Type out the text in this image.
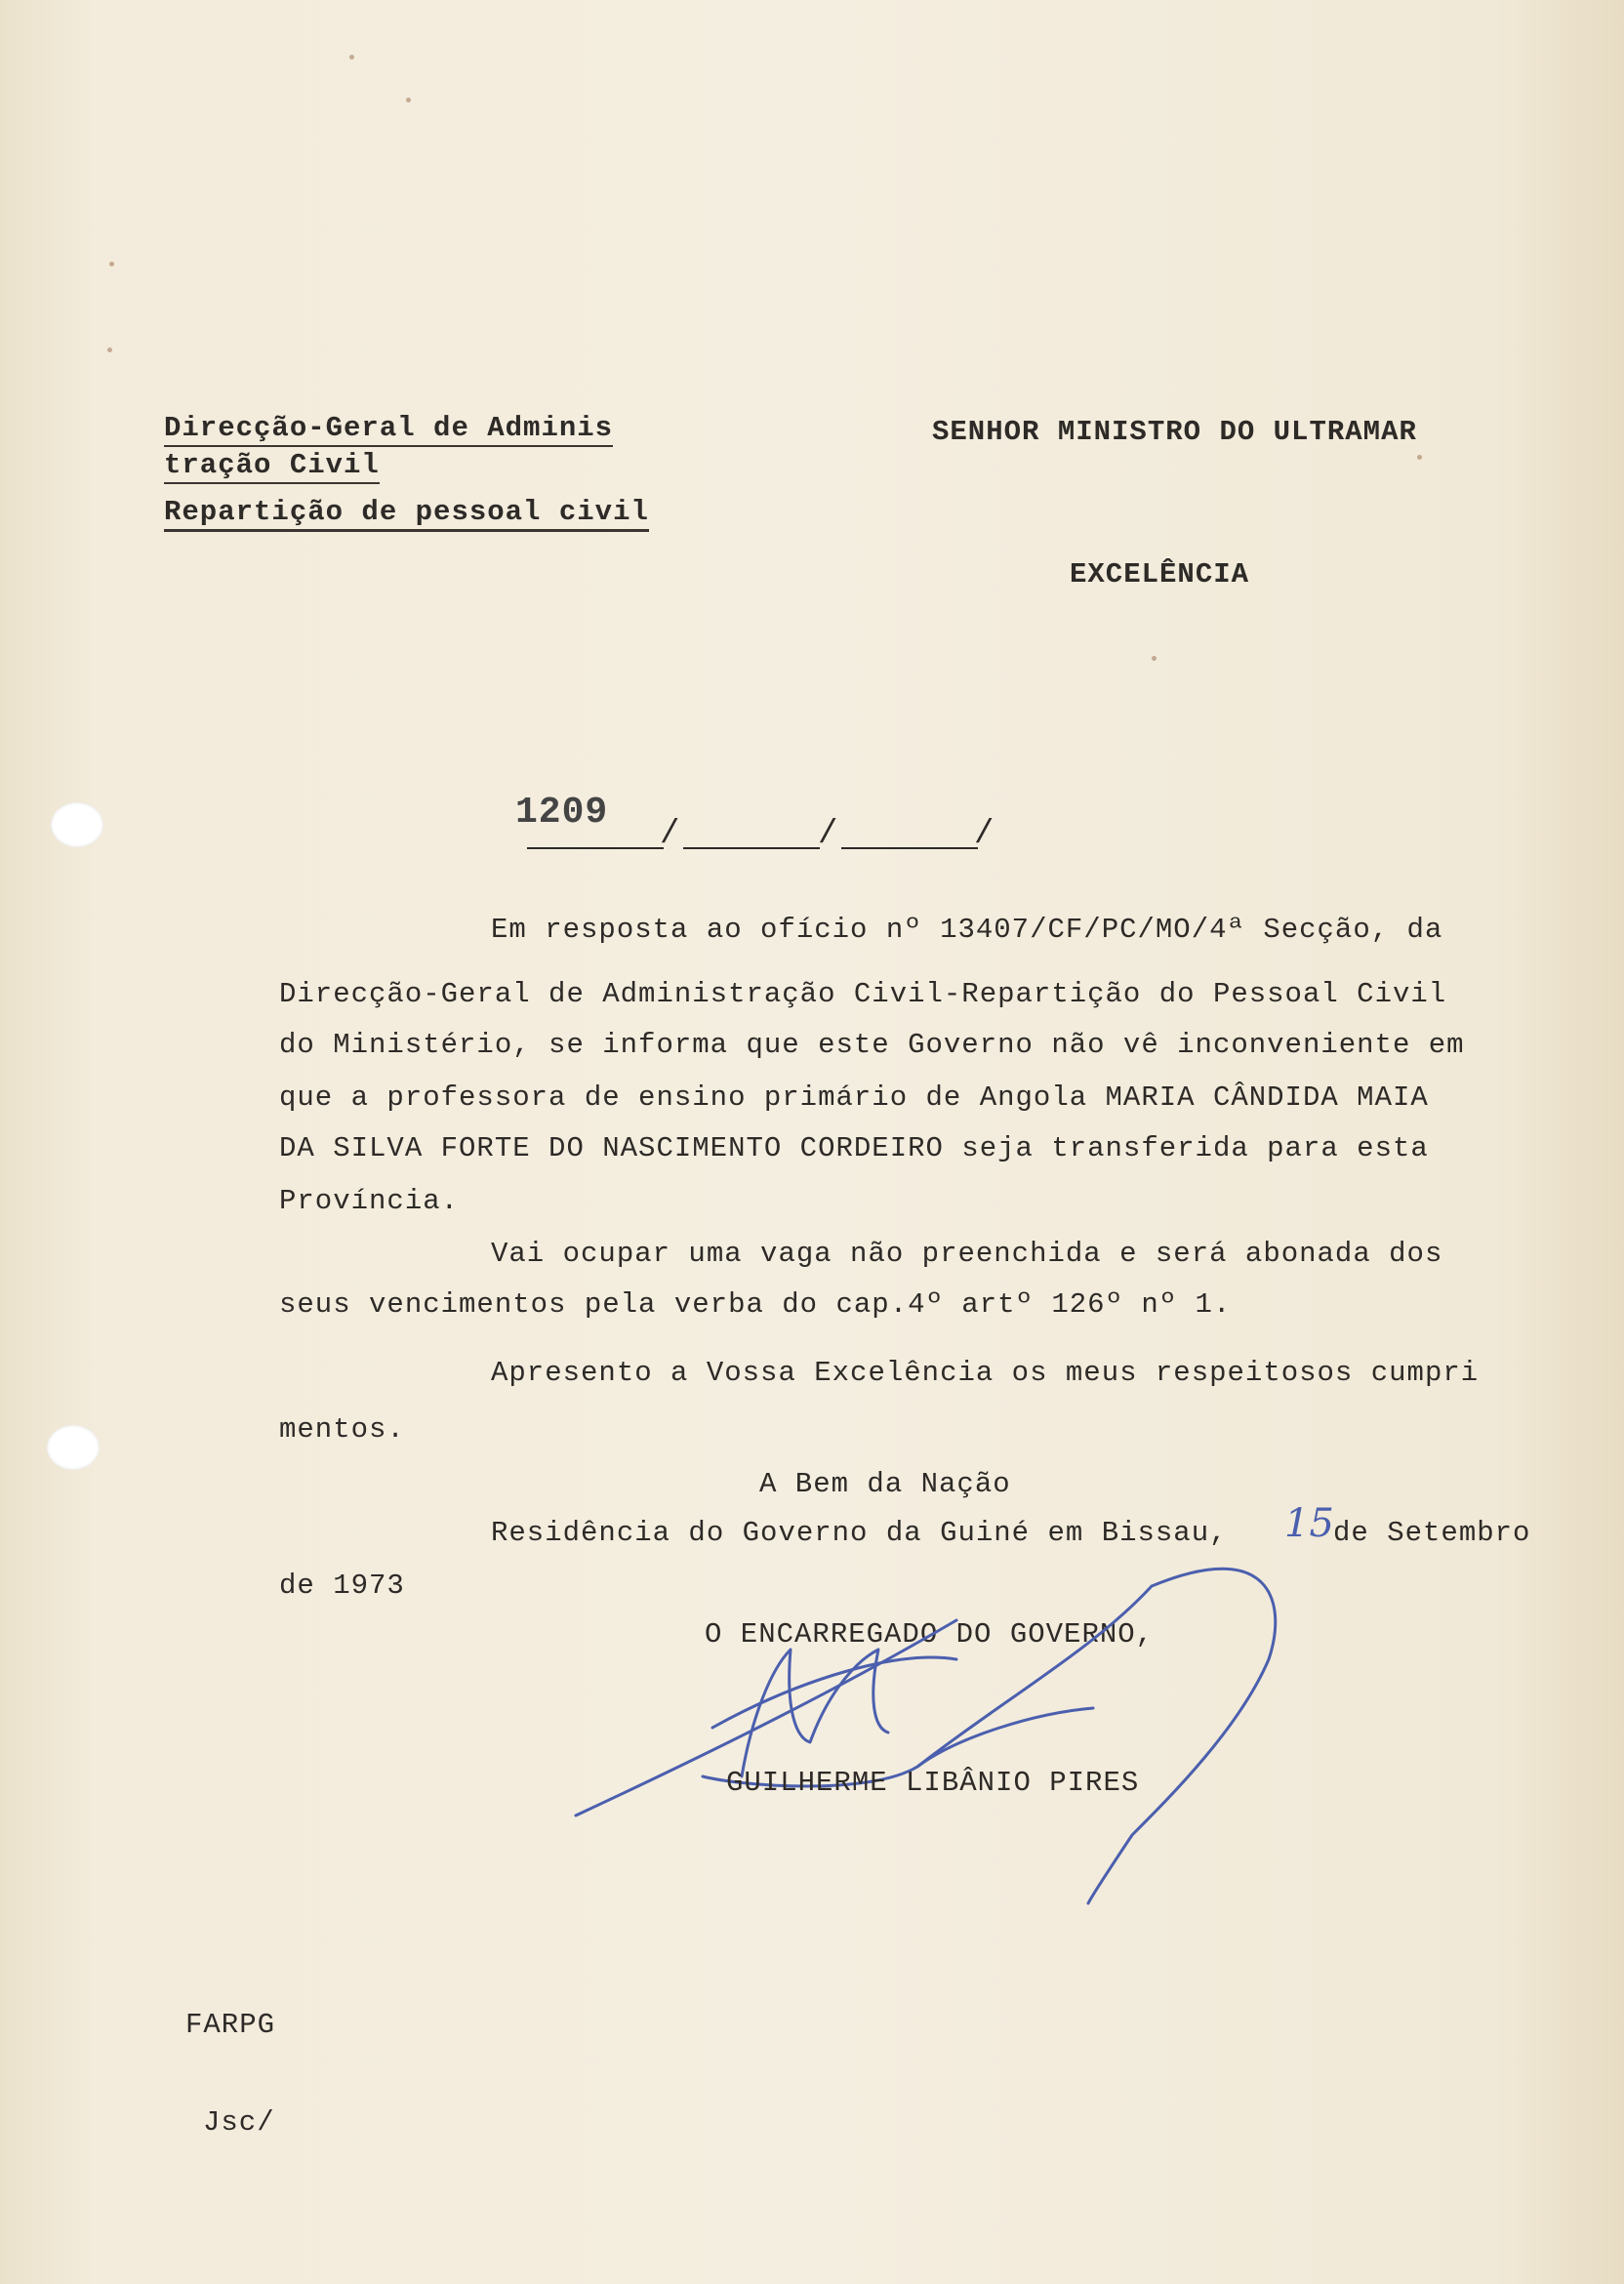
Direcção-Geral de Adminis
tração Civil
Repartição de pessoal civil
SENHOR MINISTRO DO ULTRAMAR
EXCELÊNCIA
1209
/	/	/
Em resposta ao ofício nº 13407/CF/PC/MO/4ª Secção, da
Direcção-Geral de Administração Civil-Repartição do Pessoal Civil
do Ministério, se informa que este Governo não vê inconveniente em
que a professora de ensino primário de Angola MARIA CÂNDIDA MAIA
DA SILVA FORTE DO NASCIMENTO CORDEIRO seja transferida para esta
Província.
Vai ocupar uma vaga não preenchida e será abonada dos
seus vencimentos pela verba do cap.4º artº 126º nº 1.
Apresento a Vossa Excelência os meus respeitosos cumpri
mentos.
A Bem da Nação
Residência do Governo da Guiné em Bissau, 15 de Setembro
de 1973
O ENCARREGADO DO GOVERNO,
GUILHERME LIBÂNIO PIRES
FARPG
Jsc/
